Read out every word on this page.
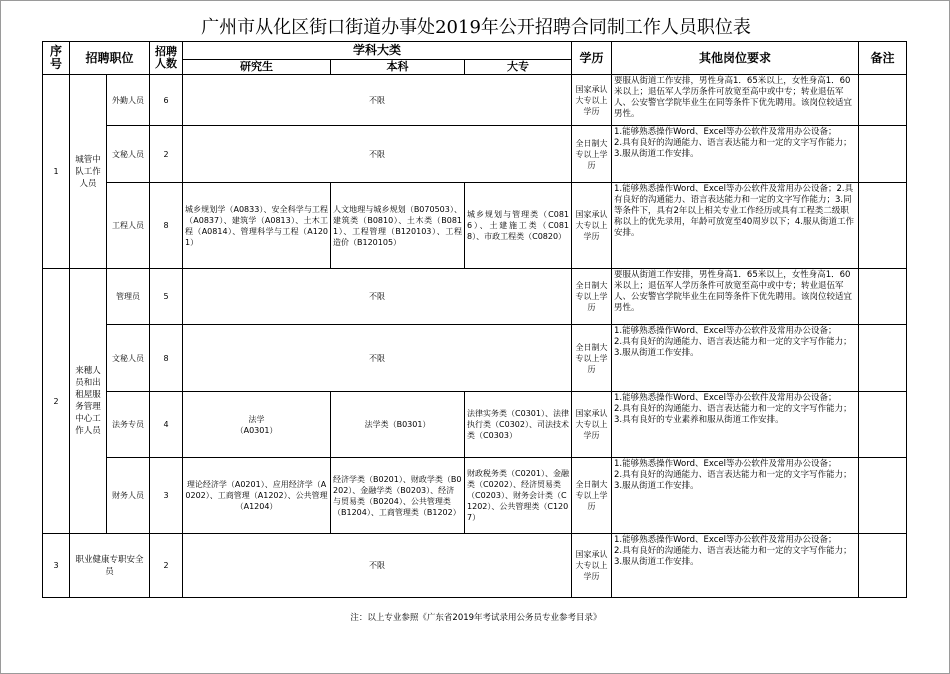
广州市从化区街口街道办事处2019年公开招聘合同制工作人员职位表
序号	招聘职位		招聘人数	学科大类			学历	其他岗位要求	备注
				研究生	本科	大专			
1	城管中队工作人员	外勤人员	6	不限			国家承认大专以上学历	要服从街道工作安排，男性身高1．65米以上，女性身高1．60米以上；退伍军人学历条件可放宽至高中或中专；转业退伍军人、公安警官学院毕业生在同等条件下优先聘用。该岗位较适宜男性。	
		文秘人员	2	不限			全日制大专以上学历	1.能够熟悉操作Word、Excel等办公软件及常用办公设备；
2.具有良好的沟通能力、语言表达能力和一定的文字写作能力；
3.服从街道工作安排。	
		工程人员	8	城乡规划学（A0833）、安全科学与工程（A0837）、建筑学（A0813）、土木工程（A0814）、管理科学与工程（A1201）	人文地理与城乡规划（B070503）、建筑类（B0810）、土木类（B0811）、工程管理（B120103）、工程造价（B120105）	城乡规划与管理类（C0816）、土建施工类（C0818）、市政工程类（C0820）	国家承认大专以上学历	1.能够熟悉操作Word、Excel等办公软件及常用办公设备；2.具有良好的沟通能力、语言表达能力和一定的文字写作能力；3.同等条件下，具有2年以上相关专业工作经历或具有工程类二级职称以上的优先录用，年龄可放宽至40周岁以下；4.服从街道工作安排。	
2	来穗人员和出租屋服务管理中心工作人员	管理员	5	不限			全日制大专以上学历	要服从街道工作安排，男性身高1．65米以上，女性身高1．60米以上；退伍军人学历条件可放宽至高中或中专；转业退伍军人、公安警官学院毕业生在同等条件下优先聘用。该岗位较适宜男性。	
		文秘人员	8	不限			全日制大专以上学历	1.能够熟悉操作Word、Excel等办公软件及常用办公设备；
2.具有良好的沟通能力、语言表达能力和一定的文字写作能力；
3.服从街道工作安排。	
		法务专员	4	法学
（A0301）	法学类（B0301）	法律实务类（C0301）、法律执行类（C0302）、司法技术类（C0303）	国家承认大专以上学历	1.能够熟悉操作Word、Excel等办公软件及常用办公设备；
2.具有良好的沟通能力、语言表达能力和一定的文字写作能力；
3.具有良好的专业素养和服从街道工作安排。	
		财务人员	3	理论经济学（A0201）、应用经济学（A0202）、工商管理（A1202）、公共管理（A1204）	经济学类（B0201）、财政学类（B0202）、金融学类（B0203）、经济与贸易类（B0204）、公共管理类（B1204）、工商管理类（B1202）	财政税务类（C0201）、金融类（C0202）、经济贸易类（C0203）、财务会计类（C1202）、公共管理类（C1207）	全日制大专以上学历	1.能够熟悉操作Word、Excel等办公软件及常用办公设备；
2.具有良好的沟通能力、语言表达能力和一定的文字写作能力；
3.服从街道工作安排。	
3	职业健康专职安全员		2	不限			国家承认大专以上学历	1.能够熟悉操作Word、Excel等办公软件及常用办公设备；
2.具有良好的沟通能力、语言表达能力和一定的文字写作能力；
3.服从街道工作安排。	
注：以上专业参照《广东省2019年考试录用公务员专业参考目录》
